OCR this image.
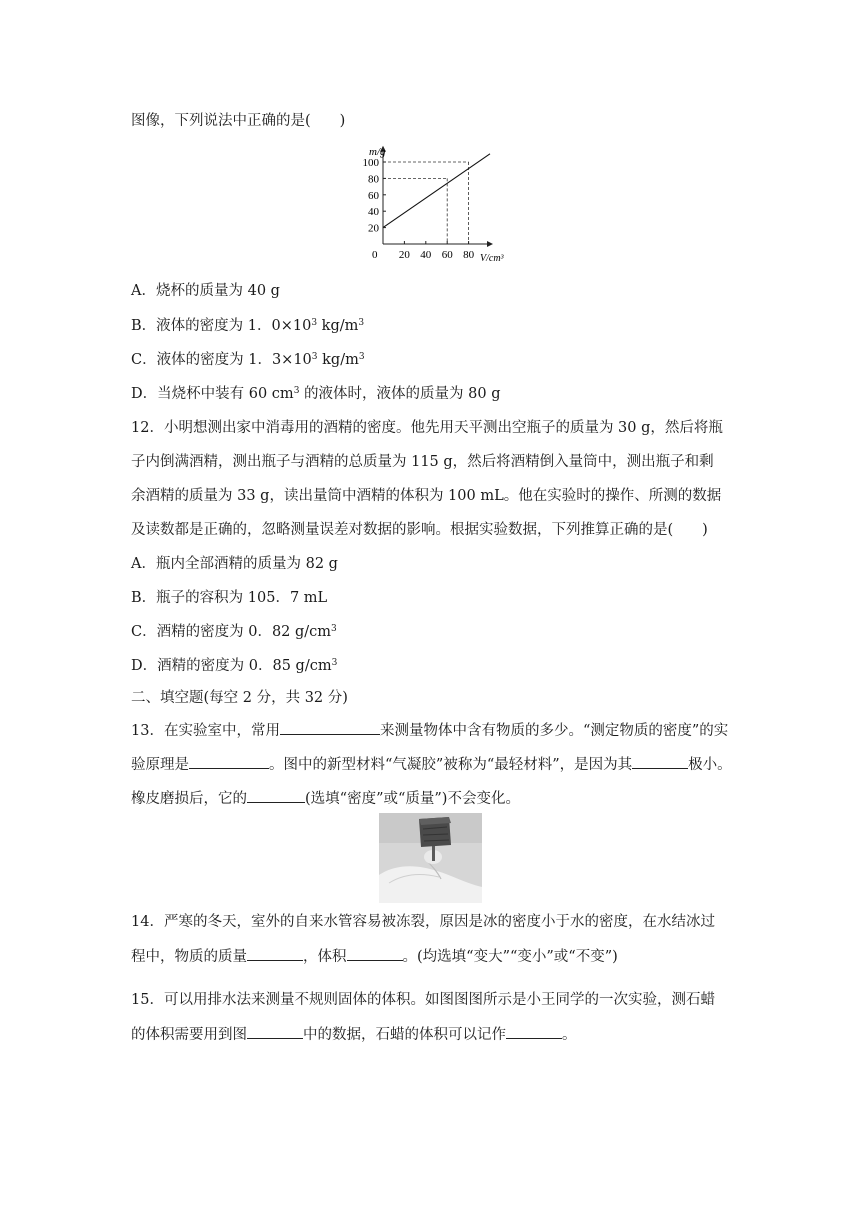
图像，下列说法中正确的是(　　)
20 40 60 80
20
40
60
80
100
m/g
V/cm³
0
A．烧杯的质量为 40 g
B．液体的密度为 1．$0\times 10^3$ $kg/m^3$
C．液体的密度为 1．$3\times 10^3$ $kg/m^3$
D．当烧杯中装有 60 $cm^3$ 的液体时，液体的质量为 80 g
12．小明想测出家中消毒用的酒精的密度。他先用天平测出空瓶子的质量为 30 g，然后将瓶
子内倒满酒精，测出瓶子与酒精的总质量为 115 g，然后将酒精倒入量筒中，测出瓶子和剩
余酒精的质量为 33 g，读出量筒中酒精的体积为 100 mL。他在实验时的操作、所测的数据
及读数都是正确的，忽略测量误差对数据的影响。根据实验数据，下列推算正确的是(　　)
A．瓶内全部酒精的质量为 82 g
B．瓶子的容积为 105．7 mL
C．酒精的密度为 0．82 $g/cm^3$
D．酒精的密度为 0．85 $g/cm^3$
二、填空题(每空 2 分，共 32 分)
13．在实验室中，常用	来测量物体中含有物质的多少。“测定物质的密度”的实
验原理是	。图中的新型材料“气凝胶”被称为“最轻材料”，是因为其	极小。
橡皮磨损后，它的	(选填“密度”或“质量”)不会变化。
14．严寒的冬天，室外的自来水管容易被冻裂，原因是冰的密度小于水的密度，在水结冰过
程中，物质的质量	，体积	。(均选填“变大”“变小”或“不变”)
15．可以用排水法来测量不规则固体的体积。如图图图所示是小王同学的一次实验，测石蜡
的体积需要用到图	中的数据，石蜡的体积可以记作	。
